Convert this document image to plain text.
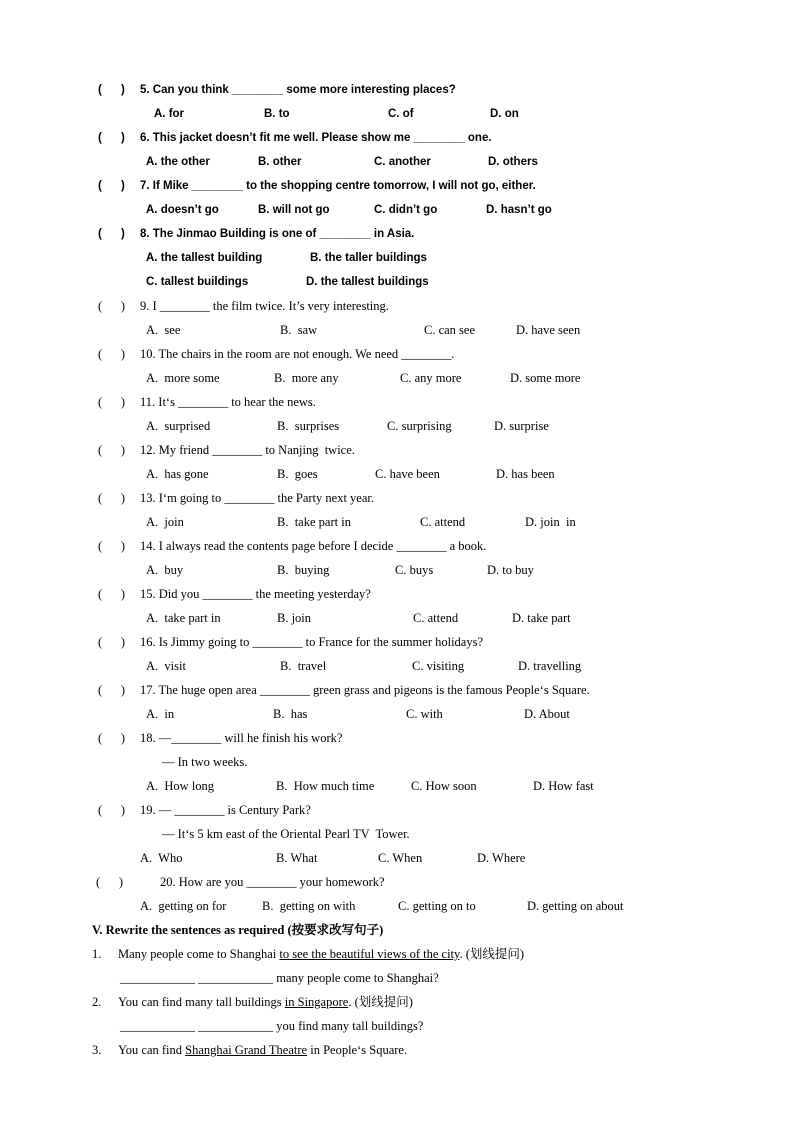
(      ) 5. Can you think ________ some more interesting places?
A. for	B. to	C. of	D. on
(      ) 6. This jacket doesn’t fit me well. Please show me ________ one.
A. the other	B. other	C. another	D. others
(      ) 7. If Mike ________ to the shopping centre tomorrow, I will not go, either.
A. doesn’t go	B. will not go	C. didn’t go	D. hasn’t go
(      ) 8. The Jinmao Building is one of ________ in Asia.
A. the tallest building	B. the taller buildings
C. tallest buildings	D. the tallest buildings
(      ) 9. I ________ the film twice. It’s very interesting.
A.  see	B.  saw	C. can see	D. have seen
(      ) 10. The chairs in the room are not enough. We need ________.
A.  more some	B.  more any	C. any more	D. some more
(      ) 11. It‘s ________ to hear the news.
A.  surprised	B.  surprises	C. surprising	D. surprise
(      ) 12. My friend ________ to Nanjing  twice.
A.  has gone	B.  goes	C. have been	D. has been
(      ) 13. I‘m going to ________ the Party next year.
A.  join	B.  take part in	C. attend	D. join  in
(      ) 14. I always read the contents page before I decide ________ a book.
A.  buy	B.  buying	C. buys	D. to buy
(      ) 15. Did you ________ the meeting yesterday?
A.  take part in	B. join	C. attend	D. take part
(      ) 16. Is Jimmy going to ________ to France for the summer holidays?
A.  visit	B.  travel	C. visiting	D. travelling
(      ) 17. The huge open area ________ green grass and pigeons is the famous People‘s Square.
A.  in	B.  has	C. with	D. About
(      ) 18. —________ will he finish his work?
— In two weeks.
A.  How long	B.  How much time	C. How soon	D. How fast
(      ) 19. — ________ is Century Park?
— It‘s 5 km east of the Oriental Pearl TV  Tower.
A.  Who	B. What	C. When	D. Where
(      )	20. How are you ________ your homework?
A.  getting on for	B.  getting on with	C. getting on to	D. getting on about
V. Rewrite the sentences as required (按要求改写句子)
1. Many people come to Shanghai to see the beautiful views of the city. (划线提问)
____________ ____________ many people come to Shanghai?
2. You can find many tall buildings in Singapore. (划线提问)
____________ ____________ you find many tall buildings?
3. You can find Shanghai Grand Theatre in People‘s Square.
